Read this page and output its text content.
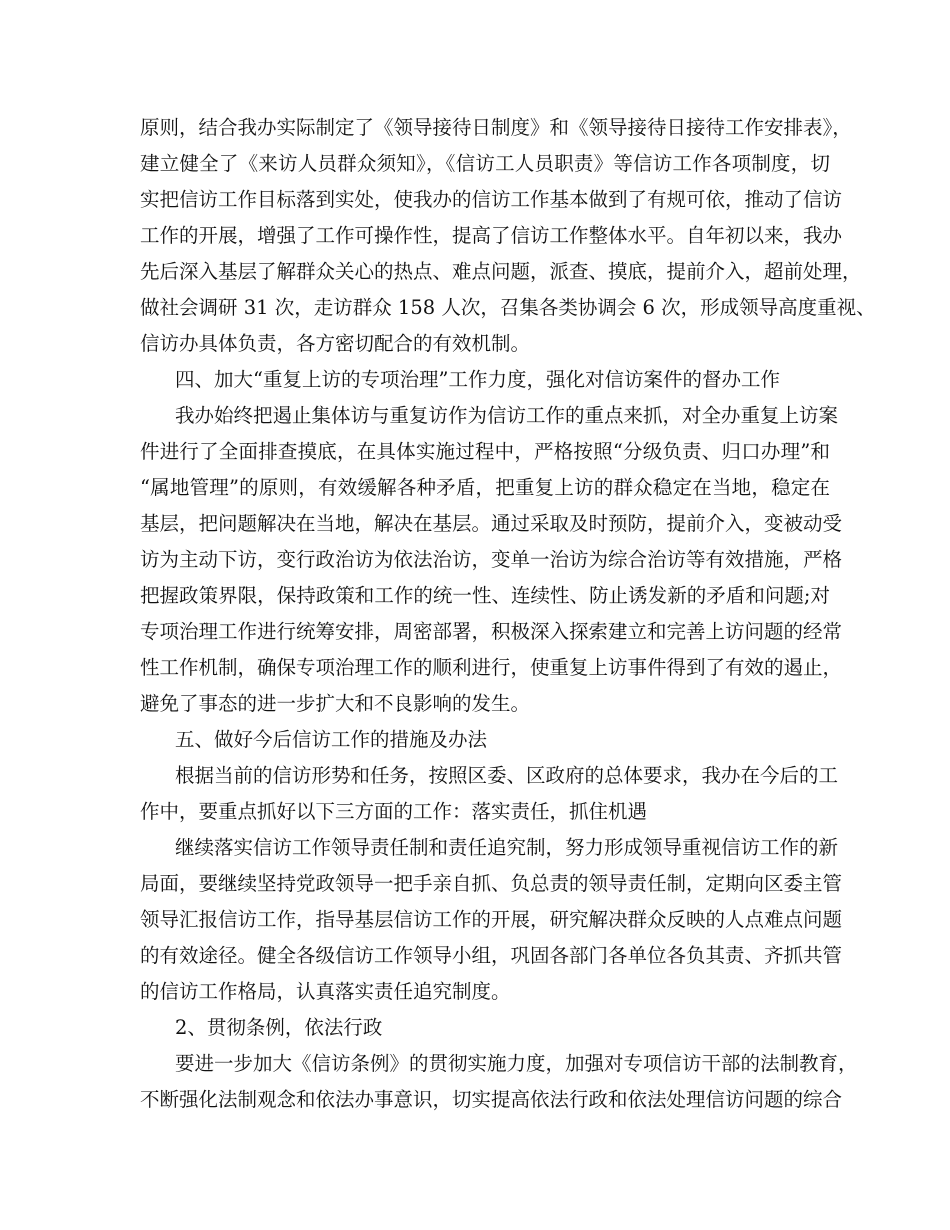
原则，结合我办实际制定了《领导接待日制度》和《领导接待日接待工作安排表》，
建立健全了《来访人员群众须知》，《信访工人员职责》等信访工作各项制度，切
实把信访工作目标落到实处，使我办的信访工作基本做到了有规可依，推动了信访
工作的开展，增强了工作可操作性，提高了信访工作整体水平。自年初以来，我办
先后深入基层了解群众关心的热点、难点问题，派查、摸底，提前介入，超前处理，
做社会调研 31 次，走访群众 158 人次，召集各类协调会 6 次，形成领导高度重视、
信访办具体负责，各方密切配合的有效机制。
四、加大“重复上访的专项治理”工作力度，强化对信访案件的督办工作
我办始终把遏止集体访与重复访作为信访工作的重点来抓，对全办重复上访案
件进行了全面排查摸底，在具体实施过程中，严格按照“分级负责、归口办理”和
“属地管理”的原则，有效缓解各种矛盾，把重复上访的群众稳定在当地，稳定在
基层，把问题解决在当地，解决在基层。通过采取及时预防，提前介入，变被动受
访为主动下访，变行政治访为依法治访，变单一治访为综合治访等有效措施，严格
把握政策界限，保持政策和工作的统一性、连续性、防止诱发新的矛盾和问题;对
专项治理工作进行统筹安排，周密部署，积极深入探索建立和完善上访问题的经常
性工作机制，确保专项治理工作的顺利进行，使重复上访事件得到了有效的遏止，
避免了事态的进一步扩大和不良影响的发生。
五、做好今后信访工作的措施及办法
根据当前的信访形势和任务，按照区委、区政府的总体要求，我办在今后的工
作中，要重点抓好以下三方面的工作：落实责任，抓住机遇
继续落实信访工作领导责任制和责任追究制，努力形成领导重视信访工作的新
局面，要继续坚持党政领导一把手亲自抓、负总责的领导责任制，定期向区委主管
领导汇报信访工作，指导基层信访工作的开展，研究解决群众反映的人点难点问题
的有效途径。健全各级信访工作领导小组，巩固各部门各单位各负其责、齐抓共管
的信访工作格局，认真落实责任追究制度。
2、贯彻条例，依法行政
要进一步加大《信访条例》的贯彻实施力度，加强对专项信访干部的法制教育，
不断强化法制观念和依法办事意识，切实提高依法行政和依法处理信访问题的综合
